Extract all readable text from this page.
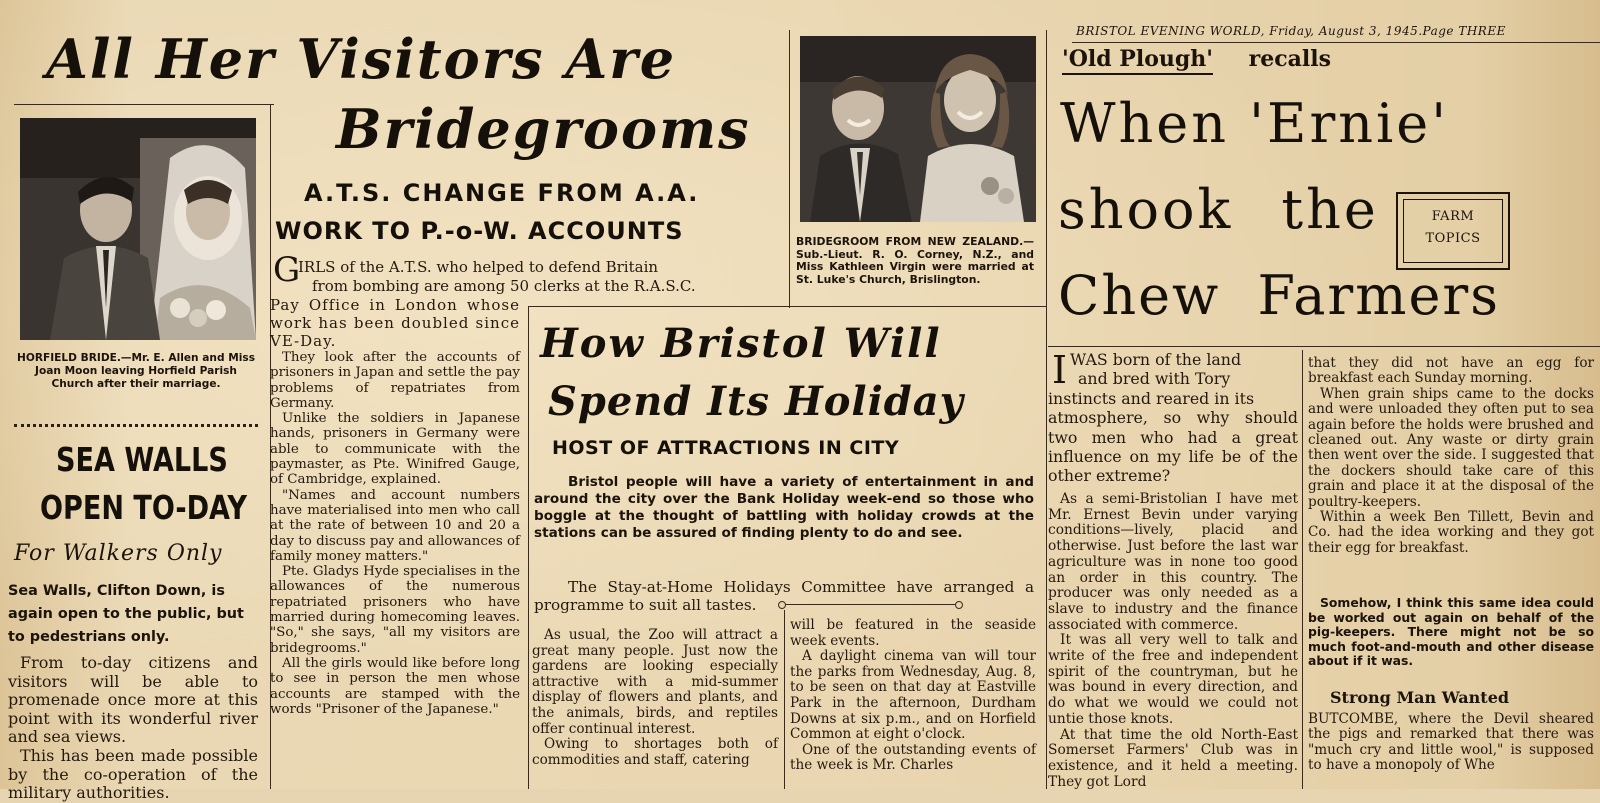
BRISTOL EVENING WORLD, Friday, August 3, 1945.Page THREE
All Her Visitors Are
Bridegrooms
HORFIELD BRIDE.—Mr. E. Allen and Miss Joan Moon leaving Horfield Parish Church after their marriage.
SEA WALLS
OPEN TO-DAY
For Walkers Only
Sea Walls, Clifton Down, is again open to the public, but to pedestrians only.

From to-day citizens and visitors will be able to promenade once more at this point with its wonderful river and sea views.

This has been made possible by the co-operation of the military authorities.

A.T.S. CHANGE FROM A.A.
WORK TO P.-o-W. ACCOUNTS
G
IRLS of the A.T.S. who helped to defend Britain
from bombing are among 50 clerks at the R.A.S.C.

Pay Office in London whose work has been doubled since VE-Day.

They look after the accounts of prisoners in Japan and settle the pay problems of repatriates from Germany.

Unlike the soldiers in Japanese hands, prisoners in Germany were able to communicate with the paymaster, as Pte. Winifred Gauge, of Cambridge, explained.

"Names and account numbers have materialised into men who call at the rate of between 10 and 20 a day to discuss pay and allowances of family money matters."

Pte. Gladys Hyde specialises in the allowances of the numerous repatriated prisoners who have married during homecoming leaves. "So," she says, "all my visitors are bridegrooms."

All the girls would like before long to see in person the men whose accounts are stamped with the words "Prisoner of the Japanese."

BRIDEGROOM FROM NEW ZEALAND.—Sub.-Lieut. R. O. Corney, N.Z., and Miss Kathleen Virgin were married at St. Luke's Church, Brislington.
How Bristol Will
Spend Its Holiday
HOST OF ATTRACTIONS IN CITY
Bristol people will have a variety of entertainment in and around the city over the Bank Holiday week-end so those who boggle at the thought of battling with holiday crowds at the stations can be assured of finding plenty to do and see.
The Stay-at-Home Holidays Committee have arranged a programme to suit all tastes.

As usual, the Zoo will attract a great many people. Just now the gardens are looking especially attractive with a mid-summer display of flowers and plants, and the animals, birds, and reptiles offer continual interest.

Owing to shortages both of commodities and staff, catering

will be featured in the seaside week events.

A daylight cinema van will tour the parks from Wednesday, Aug. 8, to be seen on that day at Eastville Park in the afternoon, Durdham Downs at six p.m., and on Horfield Common at eight o'clock.

One of the outstanding events of the week is Mr. Charles

'Old Plough' recalls
When 'Ernie'
shook the
Chew Farmers
FARM
TOPICS
I WAS born of the land
and bred with Tory
instincts and reared in its

atmosphere, so why should two men who had a great influence on my life be of the other extreme?

As a semi-Bristolian I have met Mr. Ernest Bevin under varying conditions—lively, placid and otherwise. Just before the last war agriculture was in none too good an order in this country. The producer was only needed as a slave to industry and the finance associated with commerce.

It was all very well to talk and write of the free and independent spirit of the countryman, but he was bound in every direction, and do what we would we could not untie those knots.

At that time the old North-East Somerset Farmers' Club was in existence, and it held a meeting. They got Lord

that they did not have an egg for breakfast each Sunday morning.

When grain ships came to the docks and were unloaded they often put to sea again before the holds were brushed and cleaned out. Any waste or dirty grain then went over the side. I suggested that the dockers should take care of this grain and place it at the disposal of the poultry-keepers.

Within a week Ben Tillett, Bevin and Co. had the idea working and they got their egg for breakfast.

Somehow, I think this same idea could be worked out again on behalf of the pig-keepers. There might not be so much foot-and-mouth and other disease about if it was.
Strong Man Wanted
BUTCOMBE, where the Devil sheared the pigs and remarked that there was "much cry and little wool," is supposed to have a monopoly of Whe
